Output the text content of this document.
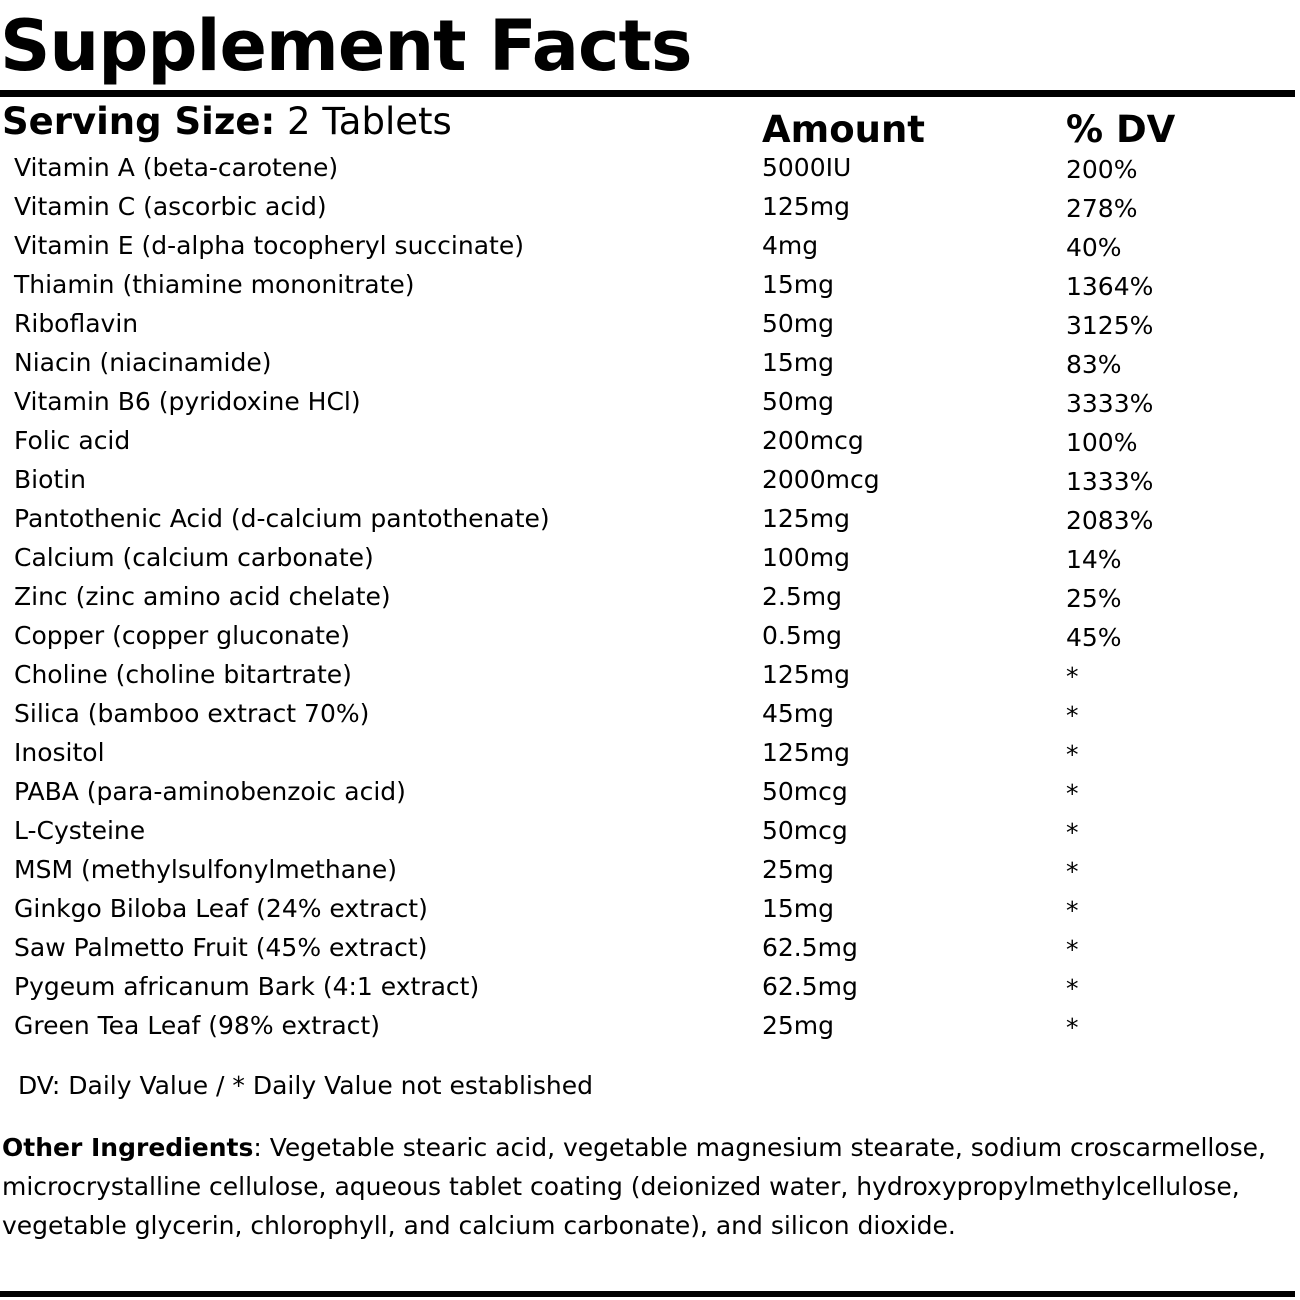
Supplement Facts
Serving Size: 2 Tablets	Amount	% DV
Vitamin A (beta-carotene)	5000IU	200%
Vitamin C (ascorbic acid)	125mg	278%
Vitamin E (d-alpha tocopheryl succinate)	4mg	40%
Thiamin (thiamine mononitrate)	15mg	1364%
Riboflavin	50mg	3125%
Niacin (niacinamide)	15mg	83%
Vitamin B6 (pyridoxine HCl)	50mg	3333%
Folic acid	200mcg	100%
Biotin	2000mcg	1333%
Pantothenic Acid (d-calcium pantothenate)	125mg	2083%
Calcium (calcium carbonate)	100mg	14%
Zinc (zinc amino acid chelate)	2.5mg	25%
Copper (copper gluconate)	0.5mg	45%
Choline (choline bitartrate)	125mg	*
Silica (bamboo extract 70%)	45mg	*
Inositol	125mg	*
PABA (para-aminobenzoic acid)	50mcg	*
L-Cysteine	50mcg	*
MSM (methylsulfonylmethane)	25mg	*
Ginkgo Biloba Leaf (24% extract)	15mg	*
Saw Palmetto Fruit (45% extract)	62.5mg	*
Pygeum africanum Bark (4:1 extract)	62.5mg	*
Green Tea Leaf (98% extract)	25mg	*
DV: Daily Value / * Daily Value not established
Other Ingredients: Vegetable stearic acid, vegetable magnesium stearate, sodium croscarmellose, microcrystalline cellulose, aqueous tablet coating (deionized water, hydroxypropylmethylcellulose, vegetable glycerin, chlorophyll, and calcium carbonate), and silicon dioxide.
